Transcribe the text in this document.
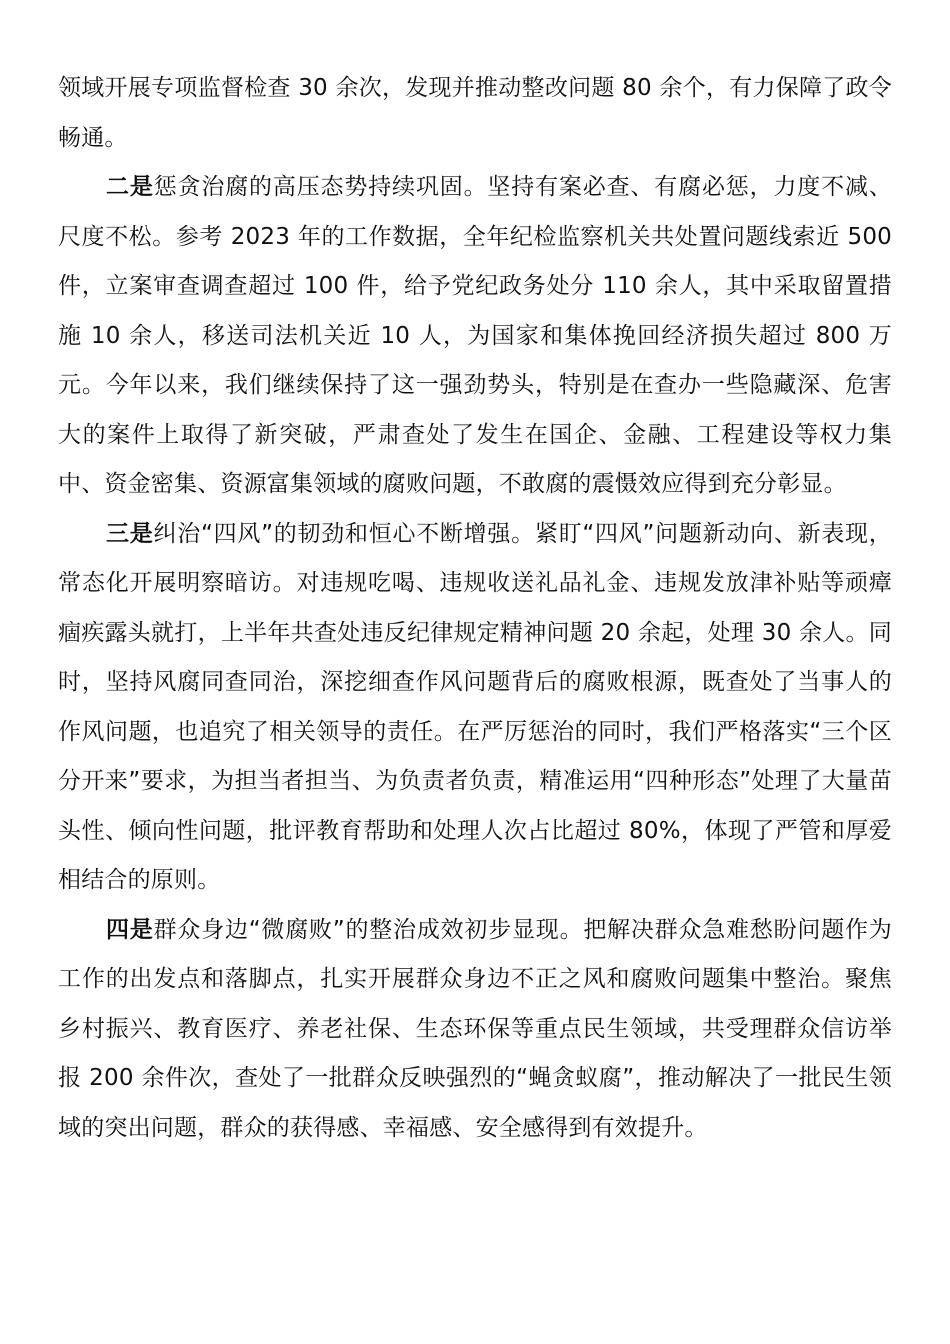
领域开展专项监督检查 30 余次，发现并推动整改问题 80 余个，有力保障了政令畅通。

二是惩贪治腐的高压态势持续巩固。坚持有案必查、有腐必惩，力度不减、尺度不松。参考 2023 年的工作数据，全年纪检监察机关共处置问题线索近 500 件，立案审查调查超过 100 件，给予党纪政务处分 110 余人，其中采取留置措施 10 余人，移送司法机关近 10 人，为国家和集体挽回经济损失超过 800 万元。今年以来，我们继续保持了这一强劲势头，特别是在查办一些隐藏深、危害大的案件上取得了新突破，严肃查处了发生在国企、金融、工程建设等权力集中、资金密集、资源富集领域的腐败问题，不敢腐的震慑效应得到充分彰显。

三是纠治“四风”的韧劲和恒心不断增强。紧盯“四风”问题新动向、新表现，常态化开展明察暗访。对违规吃喝、违规收送礼品礼金、违规发放津补贴等顽瘴痼疾露头就打，上半年共查处违反纪律规定精神问题 20 余起，处理 30 余人。同时，坚持风腐同查同治，深挖细查作风问题背后的腐败根源，既查处了当事人的作风问题，也追究了相关领导的责任。在严厉惩治的同时，我们严格落实“三个区分开来”要求，为担当者担当、为负责者负责，精准运用“四种形态”处理了大量苗头性、倾向性问题，批评教育帮助和处理人次占比超过 80%，体现了严管和厚爱相结合的原则。

四是群众身边“微腐败”的整治成效初步显现。把解决群众急难愁盼问题作为工作的出发点和落脚点，扎实开展群众身边不正之风和腐败问题集中整治。聚焦乡村振兴、教育医疗、养老社保、生态环保等重点民生领域，共受理群众信访举报 200 余件次，查处了一批群众反映强烈的“蝇贪蚁腐”，推动解决了一批民生领域的突出问题，群众的获得感、幸福感、安全感得到有效提升。
